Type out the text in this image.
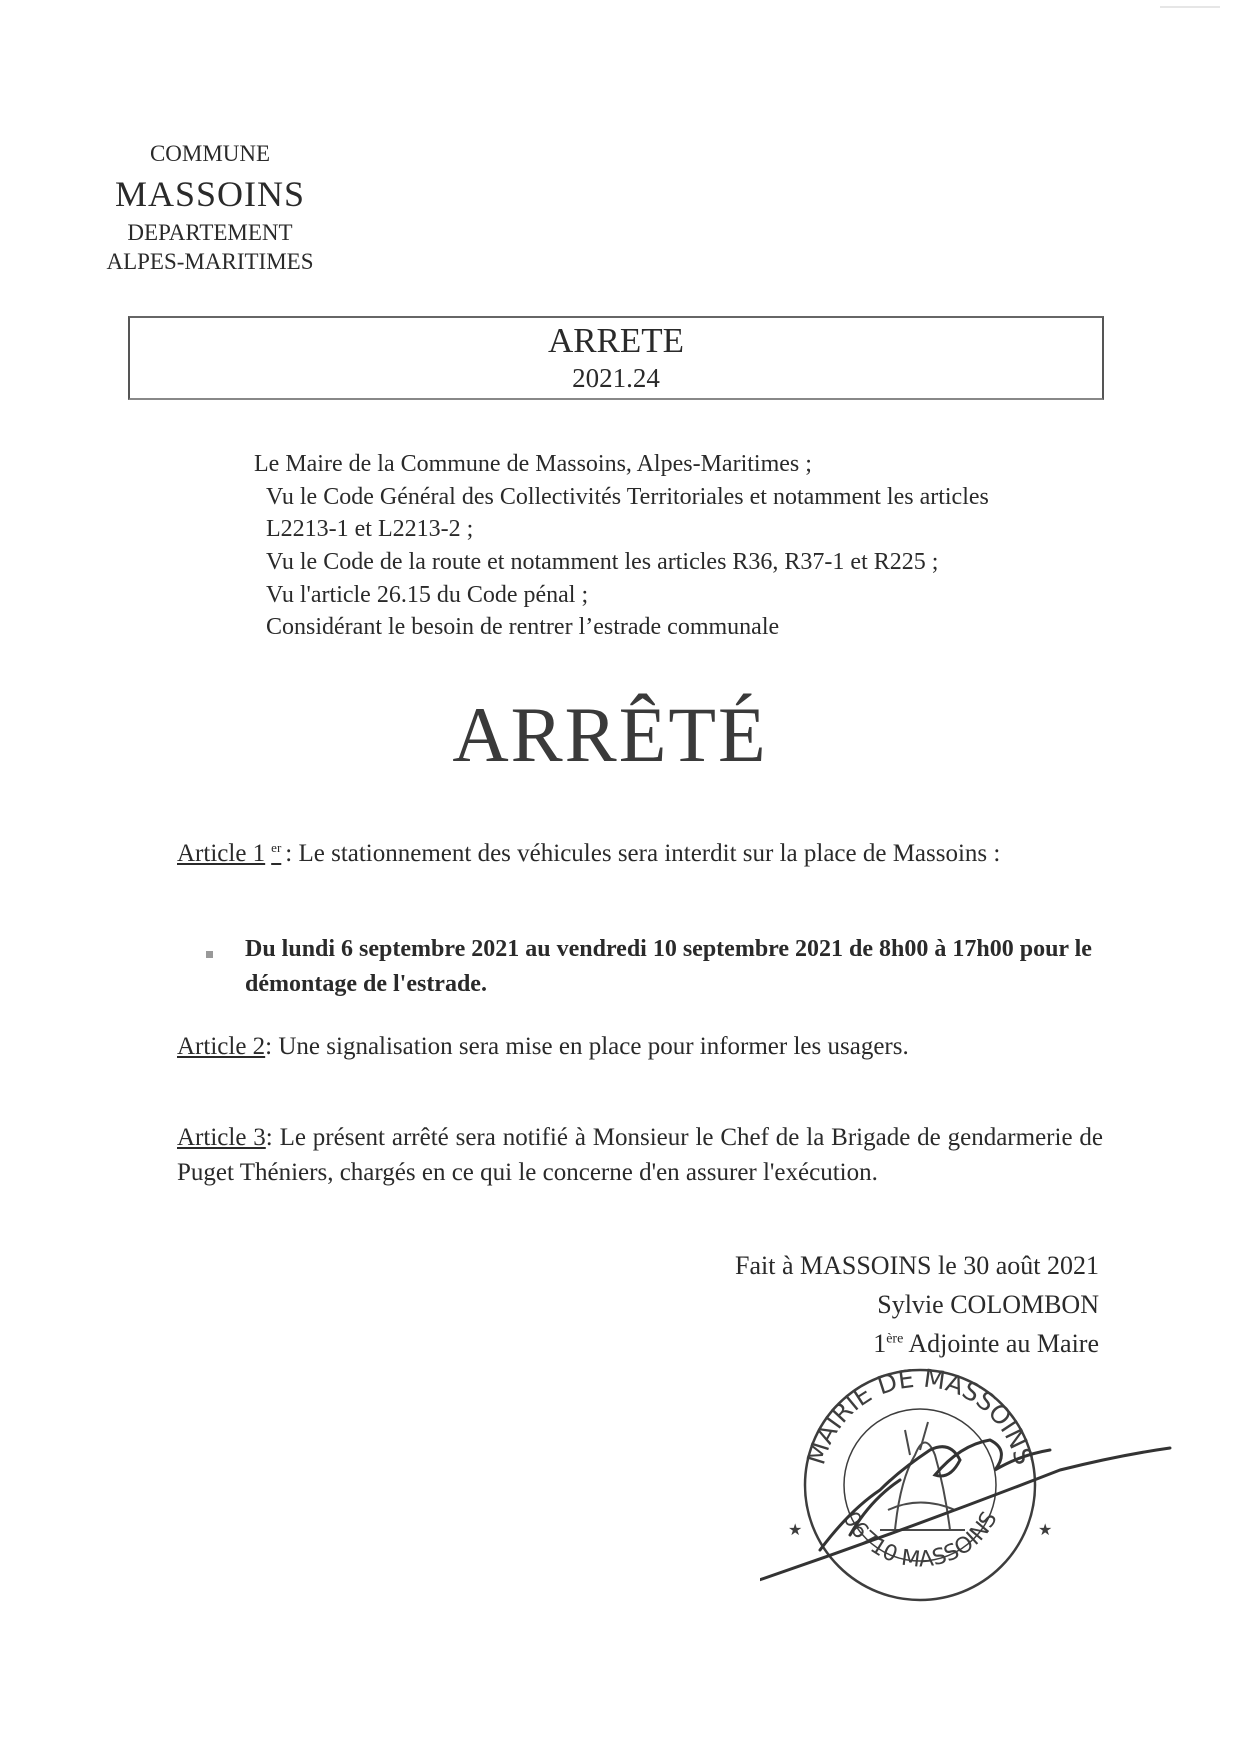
COMMUNE
MASSOINS
DEPARTEMENT
ALPES-MARITIMES
ARRETE
2021.24
Le Maire de la Commune de Massoins, Alpes-Maritimes ;
Vu le Code Général des Collectivités Territoriales et notamment les articles
L2213-1 et L2213-2 ;
Vu le Code de la route et notamment les articles R36, R37-1 et R225 ;
Vu l'article 26.15 du Code pénal ;
Considérant le besoin de rentrer l’estrade communale
ARRÊTÉ
Article 1 $^{er}$ : Le stationnement des véhicules sera interdit sur la place de Massoins :
Du lundi 6 septembre 2021 au vendredi 10 septembre 2021 de 8h00 à 17h00 pour le démontage de l'estrade.
Article 2: Une signalisation sera mise en place pour informer les usagers.
Article 3: Le présent arrêté sera notifié à Monsieur le Chef de la Brigade de gendarmerie de Puget Théniers, chargés en ce qui le concerne d'en assurer l'exécution.
Fait à MASSOINS le 30 août 2021
Sylvie COLOMBON
1ère Adjointe au Maire
MAIRIE DE MASSOINS
06710 MASSOINS
★	★
